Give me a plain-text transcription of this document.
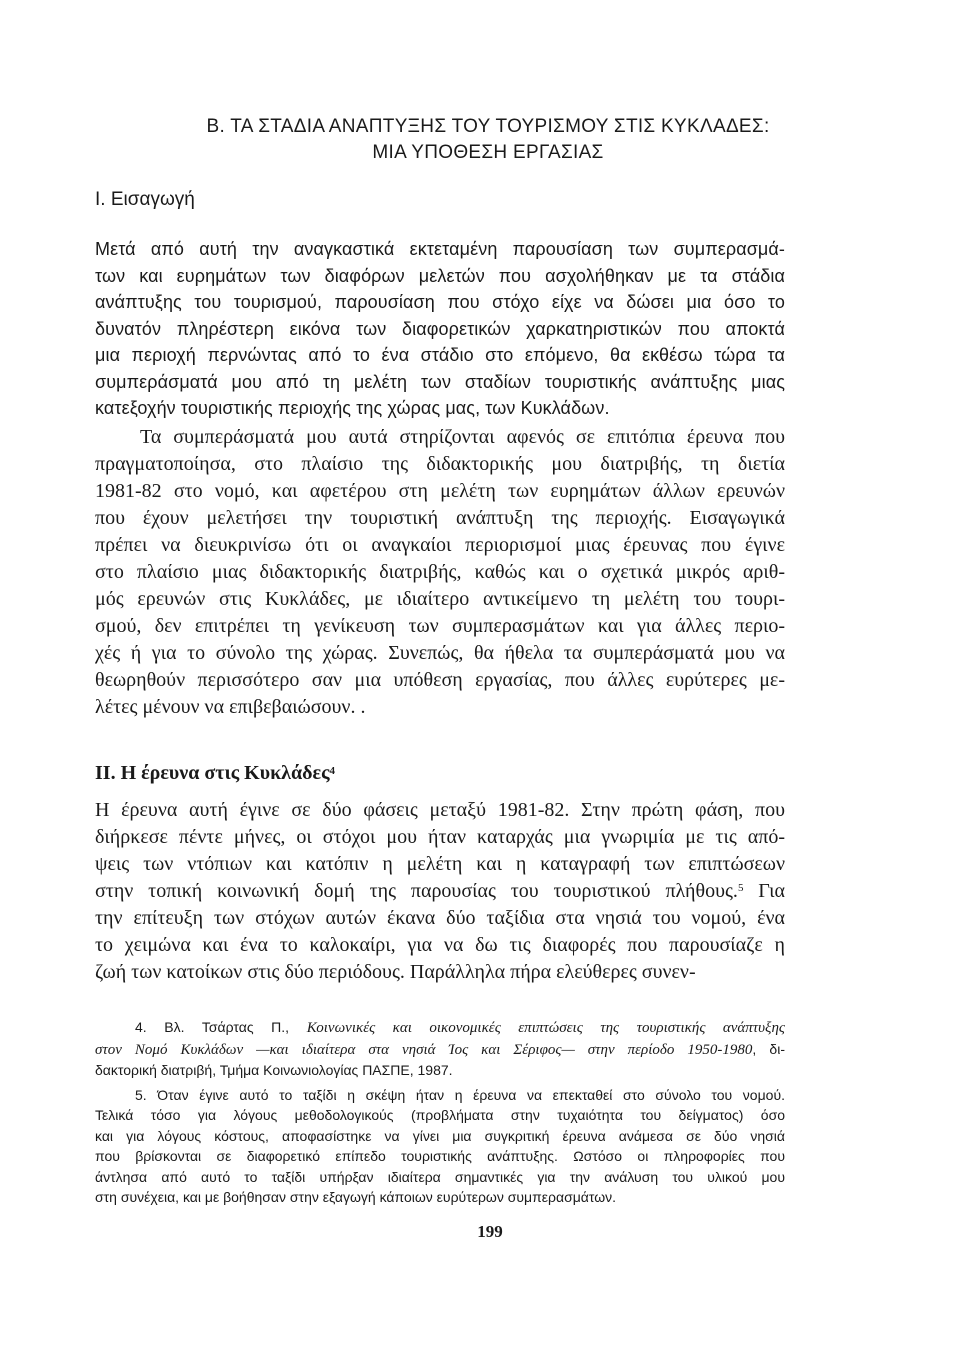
Β. ΤΑ ΣΤΑΔΙΑ ΑΝΑΠΤΥΞΗΣ ΤΟΥ ΤΟΥΡΙΣΜΟΥ ΣΤΙΣ ΚΥΚΛΑΔΕΣ:
ΜΙΑ ΥΠΟΘΕΣΗ ΕΡΓΑΣΙΑΣ
Ι. Εισαγωγή

Μετά από αυτή την αναγκαστικά εκτεταμένη παρουσίαση των συμπερασμά-
των και ευρημάτων των διαφόρων μελετών που ασχολήθηκαν με τα στάδια
ανάπτυξης του τουρισμού, παρουσίαση που στόχο είχε να δώσει μια όσο το
δυνατόν πληρέστερη εικόνα των διαφορετικών χαρκατηριστικών που αποκτά
μια περιοχή περνώντας από το ένα στάδιο στο επόμενο, θα εκθέσω τώρα τα
συμπεράσματά μου από τη μελέτη των σταδίων τουριστικής ανάπτυξης μιας
κατεξοχήν τουριστικής περιοχής της χώρας μας, των Κυκλάδων.

Τα συμπεράσματά μου αυτά στηρίζονται αφενός σε επιτόπια έρευνα που
πραγματοποίησα, στο πλαίσιο της διδακτορικής μου διατριβής, τη διετία
1981-82 στο νομό, και αφετέρου στη μελέτη των ευρημάτων άλλων ερευνών
που έχουν μελετήσει την τουριστική ανάπτυξη της περιοχής. Εισαγωγικά
πρέπει να διευκρινίσω ότι οι αναγκαίοι περιορισμοί μιας έρευνας που έγινε
στο πλαίσιο μιας διδακτορικής διατριβής, καθώς και ο σχετικά μικρός αριθ-
μός ερευνών στις Κυκλάδες, με ιδιαίτερο αντικείμενο τη μελέτη του τουρι-
σμού, δεν επιτρέπει τη γενίκευση των συμπερασμάτων και για άλλες περιο-
χές ή για το σύνολο της χώρας. Συνεπώς, θα ήθελα τα συμπεράσματά μου να
θεωρηθούν περισσότερο σαν μια υπόθεση εργασίας, που άλλες ευρύτερες με-
λέτες μένουν να επιβεβαιώσουν. .

ΙΙ. Η έρευνα στις Κυκλάδες$^4$

Η έρευνα αυτή έγινε σε δύο φάσεις μεταξύ 1981-82. Στην πρώτη φάση, που
διήρκεσε πέντε μήνες, οι στόχοι μου ήταν καταρχάς μια γνωριμία με τις από-
ψεις των ντόπιων και κατόπιν η μελέτη και η καταγραφή των επιπτώσεων
στην τοπική κοινωνική δομή της παρουσίας του τουριστικού πλήθους.$^5$ Για
την επίτευξη των στόχων αυτών έκανα δύο ταξίδια στα νησιά του νομού, ένα
το χειμώνα και ένα το καλοκαίρι, για να δω τις διαφορές που παρουσίαζε η
ζωή των κατοίκων στις δύο περιόδους. Παράλληλα πήρα ελεύθερες συνεν-

4. Βλ. Τσάρτας Π., Κοινωνικές και οικονομικές επιπτώσεις της τουριστικής ανάπτυξης
στον Νομό Κυκλάδων —και ιδιαίτερα στα νησιά Ίος και Σέριφος— στην περίοδο 1950-1980, δι-
δακτορική διατριβή, Τμήμα Κοινωνιολογίας ΠΑΣΠΕ, 1987.

5. Όταν έγινε αυτό το ταξίδι η σκέψη ήταν η έρευνα να επεκταθεί στο σύνολο του νομού.
Τελικά τόσο για λόγους μεθοδολογικούς (προβλήματα στην τυχαιότητα του δείγματος) όσο
και για λόγους κόστους, αποφασίστηκε να γίνει μια συγκριτική έρευνα ανάμεσα σε δύο νησιά
που βρίσκονται σε διαφορετικό επίπεδο τουριστικής ανάπτυξης. Ωστόσο οι πληροφορίες που
άντλησα από αυτό το ταξίδι υπήρξαν ιδιαίτερα σημαντικές για την ανάλυση του υλικού μου
στη συνέχεια, και με βοήθησαν στην εξαγωγή κάποιων ευρύτερων συμπερασμάτων.

199
